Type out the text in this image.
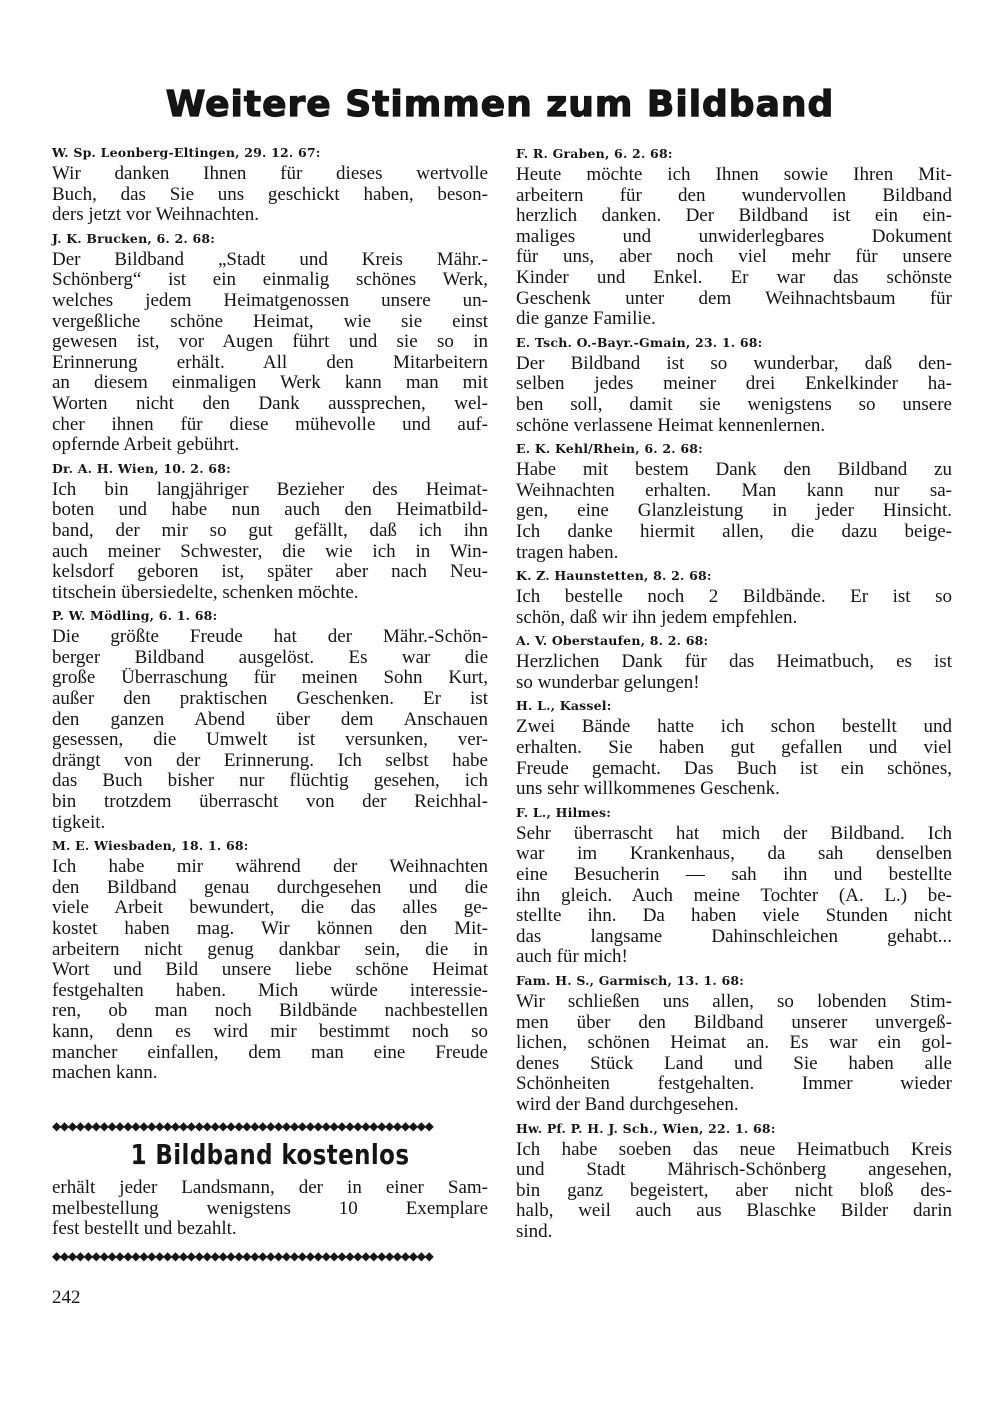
Weitere Stimmen zum Bildband
W. Sp. Leonberg-Eltingen, 29. 12. 67:
Wir danken Ihnen für dieses wertvolle
Buch, das Sie uns geschickt haben, beson-
ders jetzt vor Weihnachten.
J. K. Brucken, 6. 2. 68:
Der Bildband „Stadt und Kreis Mähr.-
Schönberg“ ist ein einmalig schönes Werk,
welches jedem Heimatgenossen unsere un-
vergeßliche schöne Heimat, wie sie einst
gewesen ist, vor Augen führt und sie so in
Erinnerung erhält. All den Mitarbeitern
an diesem einmaligen Werk kann man mit
Worten nicht den Dank aussprechen, wel-
cher ihnen für diese mühevolle und auf-
opfernde Arbeit gebührt.
Dr. A. H. Wien, 10. 2. 68:
Ich bin langjähriger Bezieher des Heimat-
boten und habe nun auch den Heimatbild-
band, der mir so gut gefällt, daß ich ihn
auch meiner Schwester, die wie ich in Win-
kelsdorf geboren ist, später aber nach Neu-
titschein übersiedelte, schenken möchte.
P. W. Mödling, 6. 1. 68:
Die größte Freude hat der Mähr.-Schön-
berger Bildband ausgelöst. Es war die
große Überraschung für meinen Sohn Kurt,
außer den praktischen Geschenken. Er ist
den ganzen Abend über dem Anschauen
gesessen, die Umwelt ist versunken, ver-
drängt von der Erinnerung. Ich selbst habe
das Buch bisher nur flüchtig gesehen, ich
bin trotzdem überrascht von der Reichhal-
tigkeit.
M. E. Wiesbaden, 18. 1. 68:
Ich habe mir während der Weihnachten
den Bildband genau durchgesehen und die
viele Arbeit bewundert, die das alles ge-
kostet haben mag. Wir können den Mit-
arbeitern nicht genug dankbar sein, die in
Wort und Bild unsere liebe schöne Heimat
festgehalten haben. Mich würde interessie-
ren, ob man noch Bildbände nachbestellen
kann, denn es wird mir bestimmt noch so
mancher einfallen, dem man eine Freude
machen kann.
F. R. Graben, 6. 2. 68:
Heute möchte ich Ihnen sowie Ihren Mit-
arbeitern für den wundervollen Bildband
herzlich danken. Der Bildband ist ein ein-
maliges und unwiderlegbares Dokument
für uns, aber noch viel mehr für unsere
Kinder und Enkel. Er war das schönste
Geschenk unter dem Weihnachtsbaum für
die ganze Familie.
E. Tsch. O.-Bayr.-Gmain, 23. 1. 68:
Der Bildband ist so wunderbar, daß den-
selben jedes meiner drei Enkelkinder ha-
ben soll, damit sie wenigstens so unsere
schöne verlassene Heimat kennenlernen.
E. K. Kehl/Rhein, 6. 2. 68:
Habe mit bestem Dank den Bildband zu
Weihnachten erhalten. Man kann nur sa-
gen, eine Glanzleistung in jeder Hinsicht.
Ich danke hiermit allen, die dazu beige-
tragen haben.
K. Z. Haunstetten, 8. 2. 68:
Ich bestelle noch 2 Bildbände. Er ist so
schön, daß wir ihn jedem empfehlen.
A. V. Oberstaufen, 8. 2. 68:
Herzlichen Dank für das Heimatbuch, es ist
so wunderbar gelungen!
H. L., Kassel:
Zwei Bände hatte ich schon bestellt und
erhalten. Sie haben gut gefallen und viel
Freude gemacht. Das Buch ist ein schönes,
uns sehr willkommenes Geschenk.
F. L., Hilmes:
Sehr überrascht hat mich der Bildband. Ich
war im Krankenhaus, da sah denselben
eine Besucherin — sah ihn und bestellte
ihn gleich. Auch meine Tochter (A. L.) be-
stellte ihn. Da haben viele Stunden nicht
das langsame Dahinschleichen gehabt...
auch für mich!
Fam. H. S., Garmisch, 13. 1. 68:
Wir schließen uns allen, so lobenden Stim-
men über den Bildband unserer unvergeß-
lichen, schönen Heimat an. Es war ein gol-
denes Stück Land und Sie haben alle
Schönheiten festgehalten. Immer wieder
wird der Band durchgesehen.
Hw. Pf. P. H. J. Sch., Wien, 22. 1. 68:
Ich habe soeben das neue Heimatbuch Kreis
und Stadt Mährisch-Schönberg angesehen,
bin ganz begeistert, aber nicht bloß des-
halb, weil auch aus Blaschke Bilder darin
sind.
◆◆◆◆◆◆◆◆◆◆◆◆◆◆◆◆◆◆◆◆◆◆◆◆◆◆◆◆◆◆◆◆◆◆◆◆◆◆◆◆◆◆◆◆◆◆◆◆
1 Bildband kostenlos
erhält jeder Landsmann, der in einer Sam-
melbestellung wenigstens 10 Exemplare
fest bestellt und bezahlt.
◆◆◆◆◆◆◆◆◆◆◆◆◆◆◆◆◆◆◆◆◆◆◆◆◆◆◆◆◆◆◆◆◆◆◆◆◆◆◆◆◆◆◆◆◆◆◆◆
242
